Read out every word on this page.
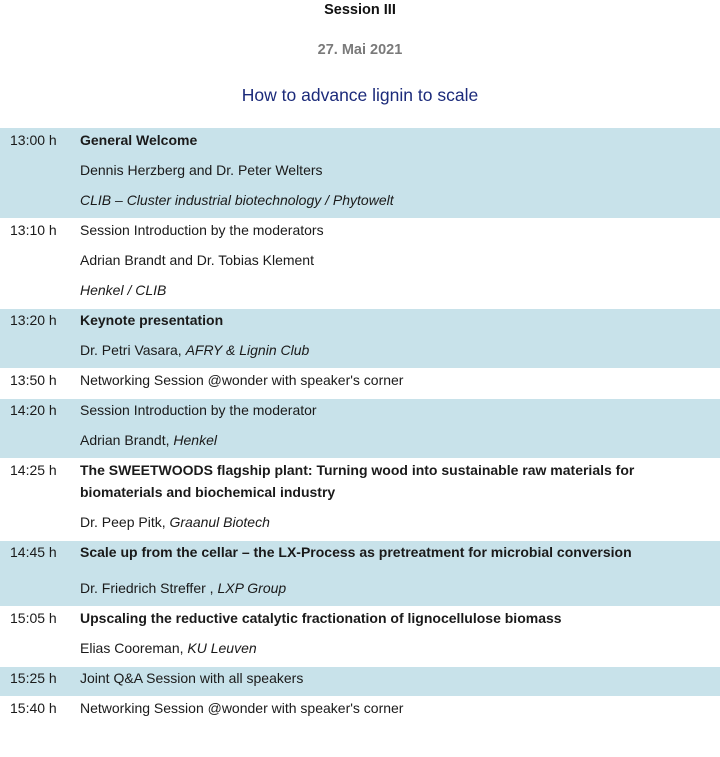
Session III
27. Mai 2021
How to advance lignin to scale
13:00 h General Welcome
Dennis Herzberg and Dr. Peter Welters
CLIB – Cluster industrial biotechnology / Phytowelt
13:10 h Session Introduction by the moderators
Adrian Brandt and Dr. Tobias Klement
Henkel / CLIB
13:20 h Keynote presentation
Dr. Petri Vasara, AFRY & Lignin Club
13:50 h Networking Session @wonder with speaker's corner
14:20 h Session Introduction by the moderator
Adrian Brandt, Henkel
14:25 h The SWEETWOODS flagship plant: Turning wood into sustainable raw materials for
biomaterials and biochemical industry
Dr. Peep Pitk, Graanul Biotech
14:45 h Scale up from the cellar – the LX-Process as pretreatment for microbial conversion
Dr. Friedrich Streffer , LXP Group
15:05 h Upscaling the reductive catalytic fractionation of lignocellulose biomass
Elias Cooreman, KU Leuven
15:25 h Joint Q&A Session with all speakers
15:40 h Networking Session @wonder with speaker's corner
